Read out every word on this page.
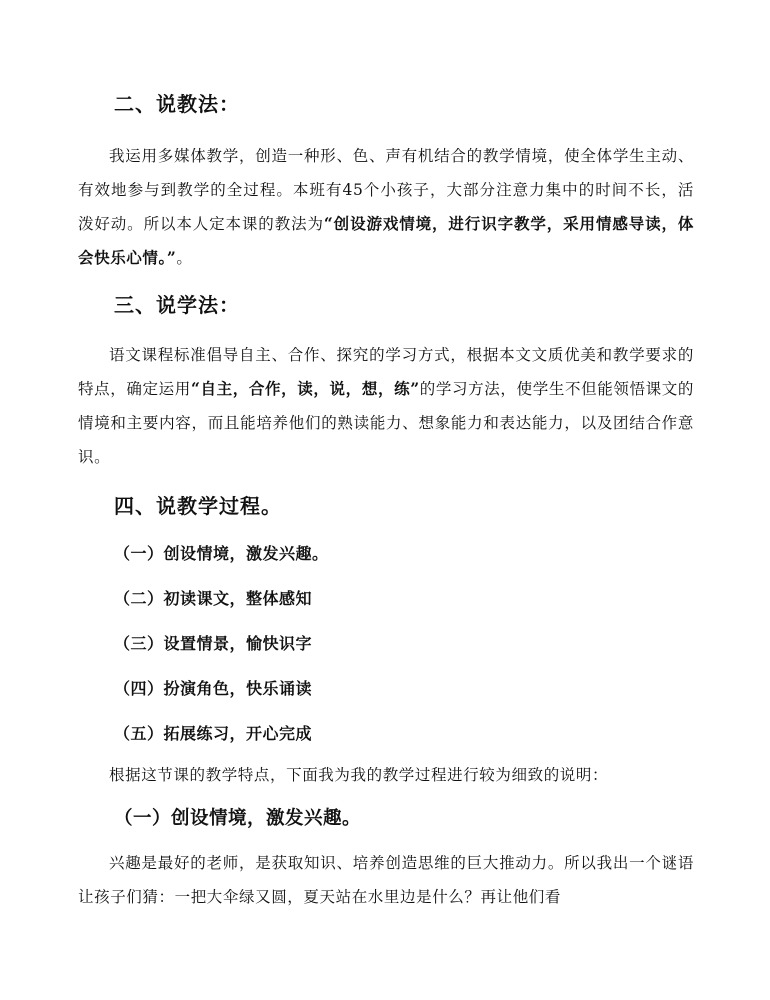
二、说教法：

我运用多媒体教学，创造一种形、色、声有机结合的教学情境，使全体学生主动、有效地参与到教学的全过程。本班有45个小孩子，大部分注意力集中的时间不长，活泼好动。所以本人定本课的教法为“创设游戏情境，进行识字教学，采用情感导读，体会快乐心情。”。

三、说学法：

语文课程标准倡导自主、合作、探究的学习方式，根据本文文质优美和教学要求的特点，确定运用“自主，合作，读，说，想，练”的学习方法，使学生不但能领悟课文的情境和主要内容，而且能培养他们的熟读能力、想象能力和表达能力，以及团结合作意识。

四、说教学过程。

（一）创设情境，激发兴趣。

（二）初读课文，整体感知

（三）设置情景，愉快识字

（四）扮演角色，快乐诵读

（五）拓展练习，开心完成

根据这节课的教学特点，下面我为我的教学过程进行较为细致的说明：

（一）创设情境，激发兴趣。

兴趣是最好的老师，是获取知识、培养创造思维的巨大推动力。所以我出一个谜语让孩子们猜：一把大伞绿又圆，夏天站在水里边是什么？再让他们看
